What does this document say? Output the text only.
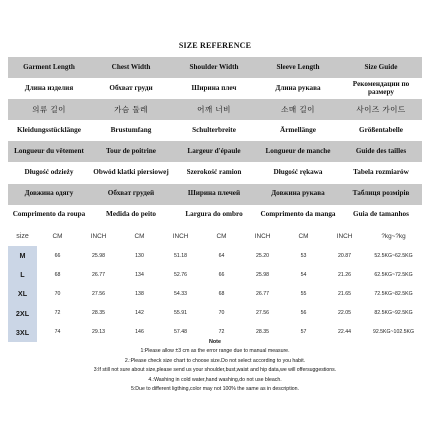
SIZE REFERENCE
Garment Length	Chest Width	Shoulder Width	Sleeve Length	Size Guide
Длина изделия	Обхват груди	Ширина плеч	Длина рукава	Рекомендации по размеру
의류 길이	가슴 둘레	어깨 너비	소매 길이	사이즈 가이드
Kleidungsstücklänge	Brustumfang	Schulterbreite	Ärmellänge	Größentabelle
Longueur du vêtement	Tour de poitrine	Largeur d'épaule	Longueur de manche	Guide des tailles
Długość odzieży	Obwód klatki piersiowej	Szerokość ramion	Długość rękawa	Tabela rozmiarów
Довжина одягу	Обхват грудей	Ширина плечей	Довжина рукава	Таблиця розмірів
Comprimento da roupa	Medida do peito	Largura do ombro	Comprimento da manga	Guia de tamanhos
size	CM	INCH	CM	INCH	CM	INCH	CM	INCH	?kg~?kg
M	66	25.98	130	51.18	64	25.20	53	20.87	52.5KG~62.5KG
L	68	26.77	134	52.76	66	25.98	54	21.26	62.5KG~72.5KG
XL	70	27.56	138	54.33	68	26.77	55	21.65	72.5KG~82.5KG
2XL	72	28.35	142	55.91	70	27.56	56	22.05	82.5KG~92.5KG
3XL	74	29.13	146	57.48	72	28.35	57	22.44	92.5KG~102.5KG
Note
1:Please allow ±3 cm as the error range due to manual measure.
2.:Please check size chart to choose size.Do not select according to you habit.
3:If still not sure about size,please send us your shoulder,bust,waist and hip data,we will offersuggestions.
4.:Washing in cold water,hand washing,do not use bleach.
5:Due to different ligthing,color may not 100% the same as in description.
